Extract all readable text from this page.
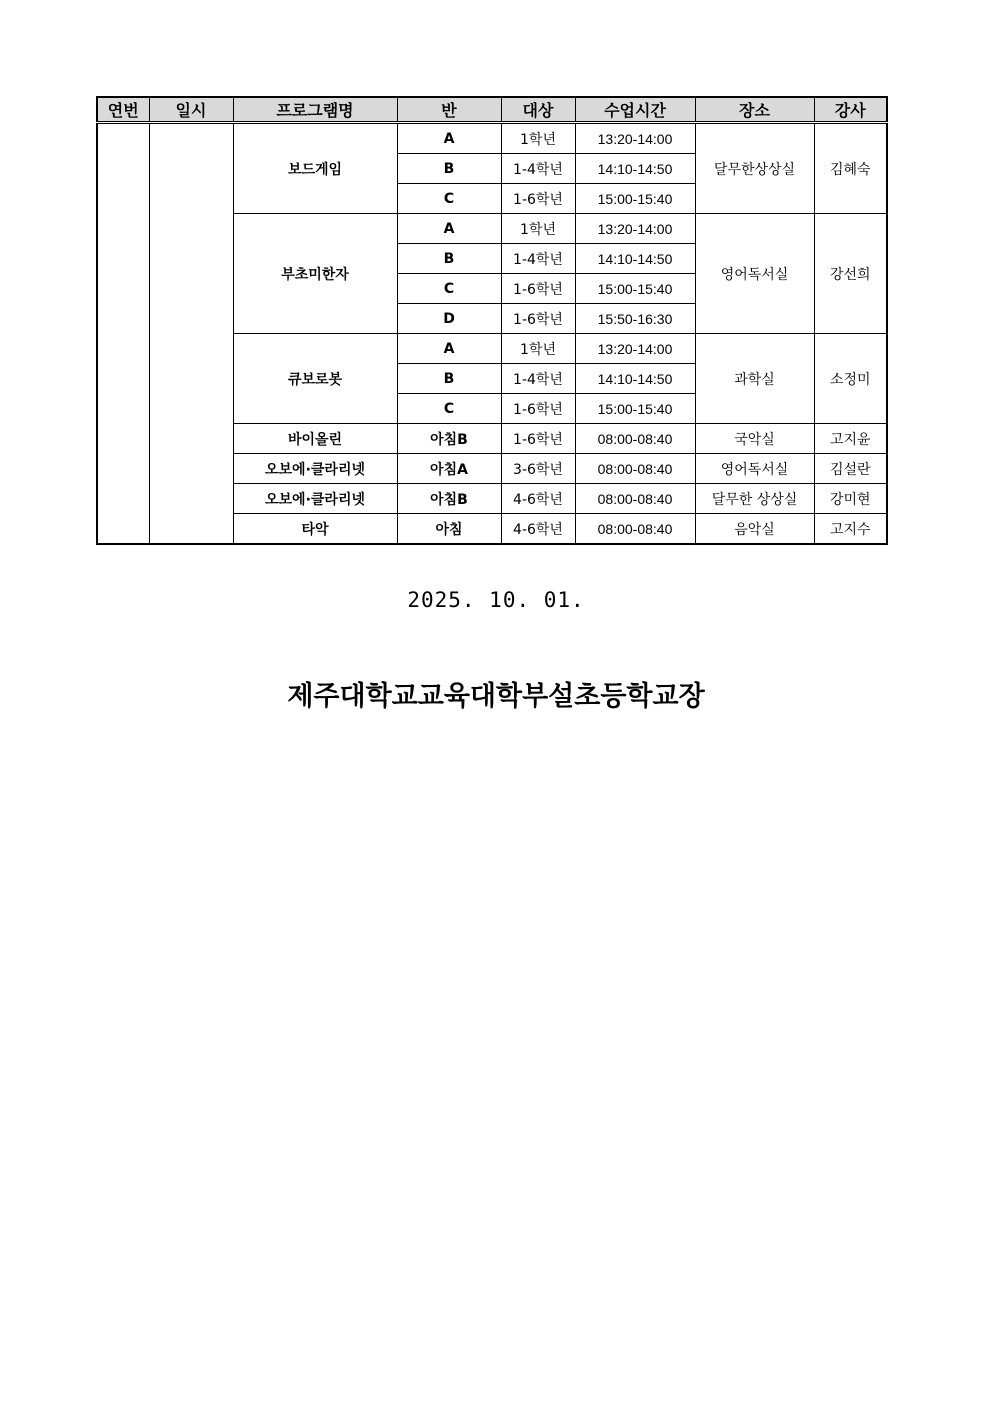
연번	일시	프로그램명	반	대상	수업시간	장소	강사
		보드게임	A	1학년	13:20-14:00	달무한상상실	김혜숙
			B	1-4학년	14:10-14:50		
			C	1-6학년	15:00-15:40		
		부초미한자	A	1학년	13:20-14:00	영어독서실	강선희
			B	1-4학년	14:10-14:50		
			C	1-6학년	15:00-15:40		
			D	1-6학년	15:50-16:30		
		큐보로봇	A	1학년	13:20-14:00	과학실	소정미
			B	1-4학년	14:10-14:50		
			C	1-6학년	15:00-15:40		
		바이올린	아침B	1-6학년	08:00-08:40	국악실	고지윤
		오보에·클라리넷	아침A	3-6학년	08:00-08:40	영어독서실	김설란
		오보에·클라리넷	아침B	4-6학년	08:00-08:40	달무한 상상실	강미현
		타악	아침	4-6학년	08:00-08:40	음악실	고지수
2025. 10. 01.
제주대학교교육대학부설초등학교장
